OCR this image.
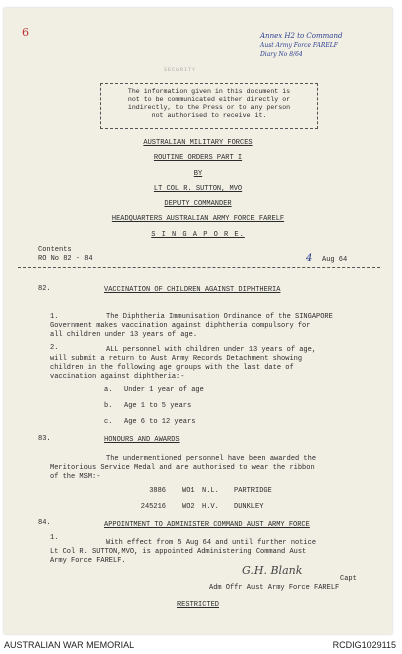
6	Annex H2 to Command
Aust Army Force FARELF
Diary No 8/64
SECURITY
The information given in this document is
not to be communicated either directly or
indirectly, to the Press or to any person
not authorised to receive it.
AUSTRALIAN MILITARY FORCES
ROUTINE ORDERS PART I
BY
LT COL R. SUTTON, MVO
DEPUTY COMMANDER
HEADQUARTERS AUSTRALIAN ARMY FORCE FARELF
S I N G A P O R E.
Contents
RO No 82 - 84	4 Aug 64
82.	VACCINATION OF CHILDREN AGAINST DIPHTHERIA
1.	The Diphtheria Immunisation Ordinance of the SINGAPORE
Government makes vaccination against diphtheria compulsory for
all children under 13 years of age.
2.	ALL personnel with children under 13 years of age,
will submit a return to Aust Army Records Detachment showing
children in the following age groups with the last date of
vaccination against diphtheria:-
a. Under 1 year of age
b. Age 1 to 5 years
c. Age 6 to 12 years
83.	HONOURS AND AWARDS
The undermentioned personnel have been awarded the
Meritorious Service Medal and are authorised to wear the ribbon
of the MSM:-
3886 WO1 N.L. PARTRIDGE
245216 WO2 H.V. DUNKLEY
84.	APPOINTMENT TO ADMINISTER COMMAND AUST ARMY FORCE
1.
With effect from 5 Aug 64 and until further notice
Lt Col R. SUTTON,MVO, is appointed Administering Command Aust
Army Force FARELF.
G.H. Blank
Capt
Adm Offr Aust Army Force FARELF
RESTRICTED
AUSTRALIAN WAR MEMORIAL	RCDIG1029115
